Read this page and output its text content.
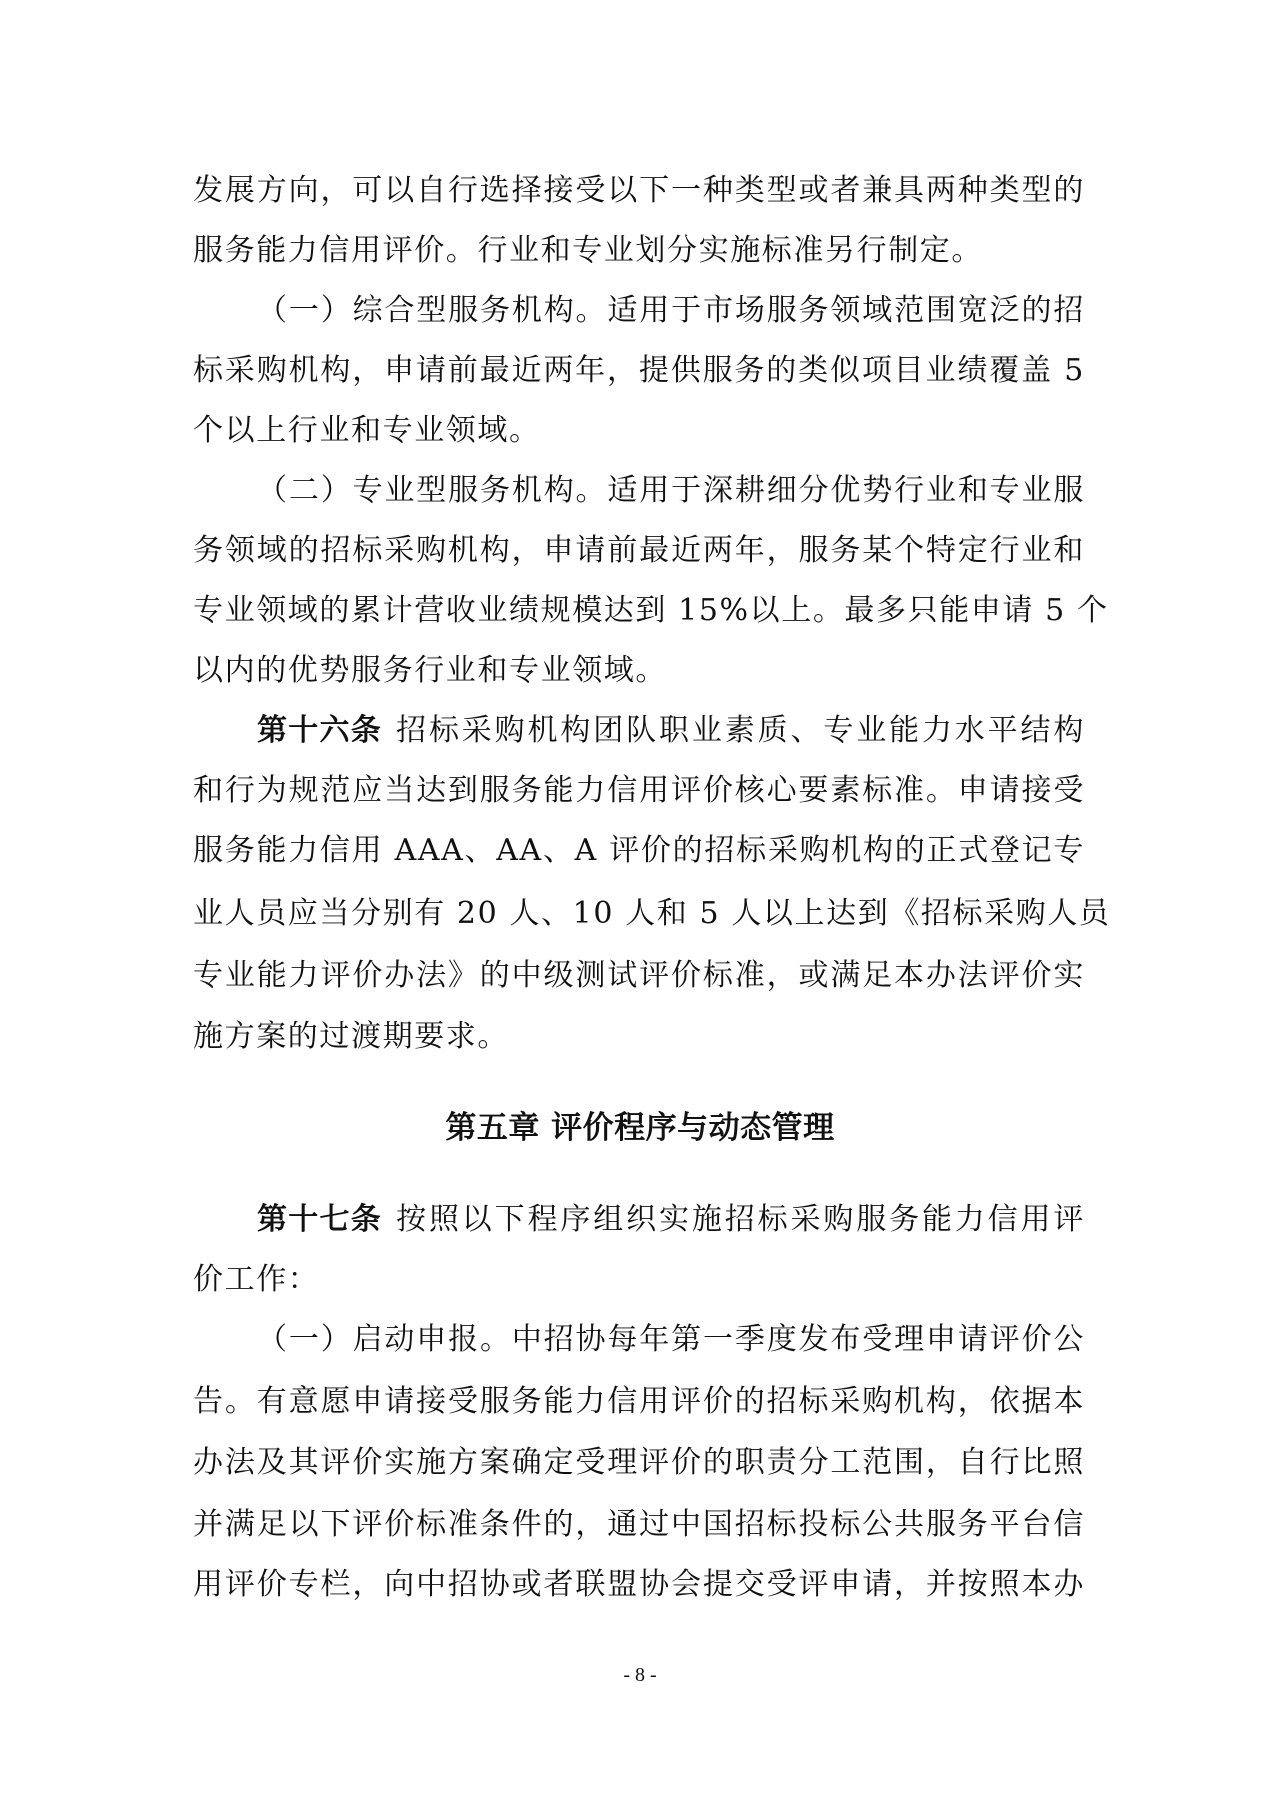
发展方向，可以自行选择接受以下一种类型或者兼具两种类型的
服务能力信用评价。行业和专业划分实施标准另行制定。
（一）综合型服务机构。适用于市场服务领域范围宽泛的招
标采购机构，申请前最近两年，提供服务的类似项目业绩覆盖 5
个以上行业和专业领域。
（二）专业型服务机构。适用于深耕细分优势行业和专业服
务领域的招标采购机构，申请前最近两年，服务某个特定行业和
专业领域的累计营收业绩规模达到 15%以上。最多只能申请 5 个
以内的优势服务行业和专业领域。
第十六条 招标采购机构团队职业素质、专业能力水平结构
和行为规范应当达到服务能力信用评价核心要素标准。申请接受
服务能力信用 AAA、AA、A 评价的招标采购机构的正式登记专
业人员应当分别有 20 人、10 人和 5 人以上达到《招标采购人员
专业能力评价办法》的中级测试评价标准，或满足本办法评价实
施方案的过渡期要求。
第五章 评价程序与动态管理
第十七条 按照以下程序组织实施招标采购服务能力信用评
价工作：
（一）启动申报。中招协每年第一季度发布受理申请评价公
告。有意愿申请接受服务能力信用评价的招标采购机构，依据本
办法及其评价实施方案确定受理评价的职责分工范围，自行比照
并满足以下评价标准条件的，通过中国招标投标公共服务平台信
用评价专栏，向中招协或者联盟协会提交受评申请，并按照本办
- 8 -
